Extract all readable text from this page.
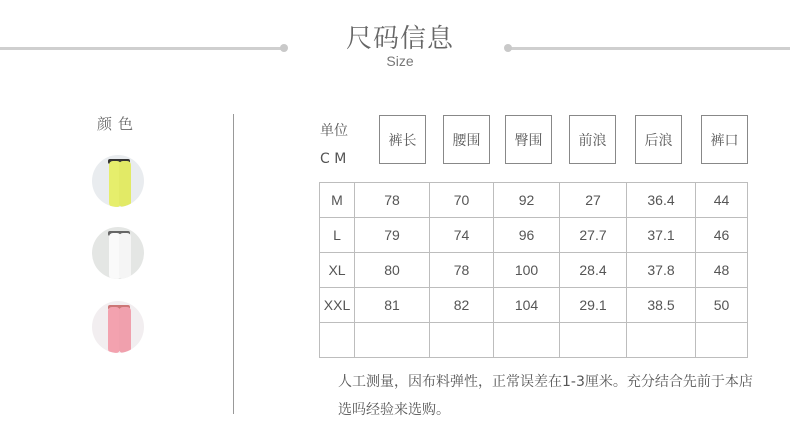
尺码信息
Size
颜色	单位
C M
裤长	腰围	臀围	前浪	后浪	裤口
M	78	70	92	27	36.4	44
L	79	74	96	27.7	37.1	46
XL	80	78	100	28.4	37.8	48
XXL	81	82	104	29.1	38.5	50

人工测量，因布料弹性，正常误差在1-3厘米。充分结合先前于本店选吗经验来选购。
